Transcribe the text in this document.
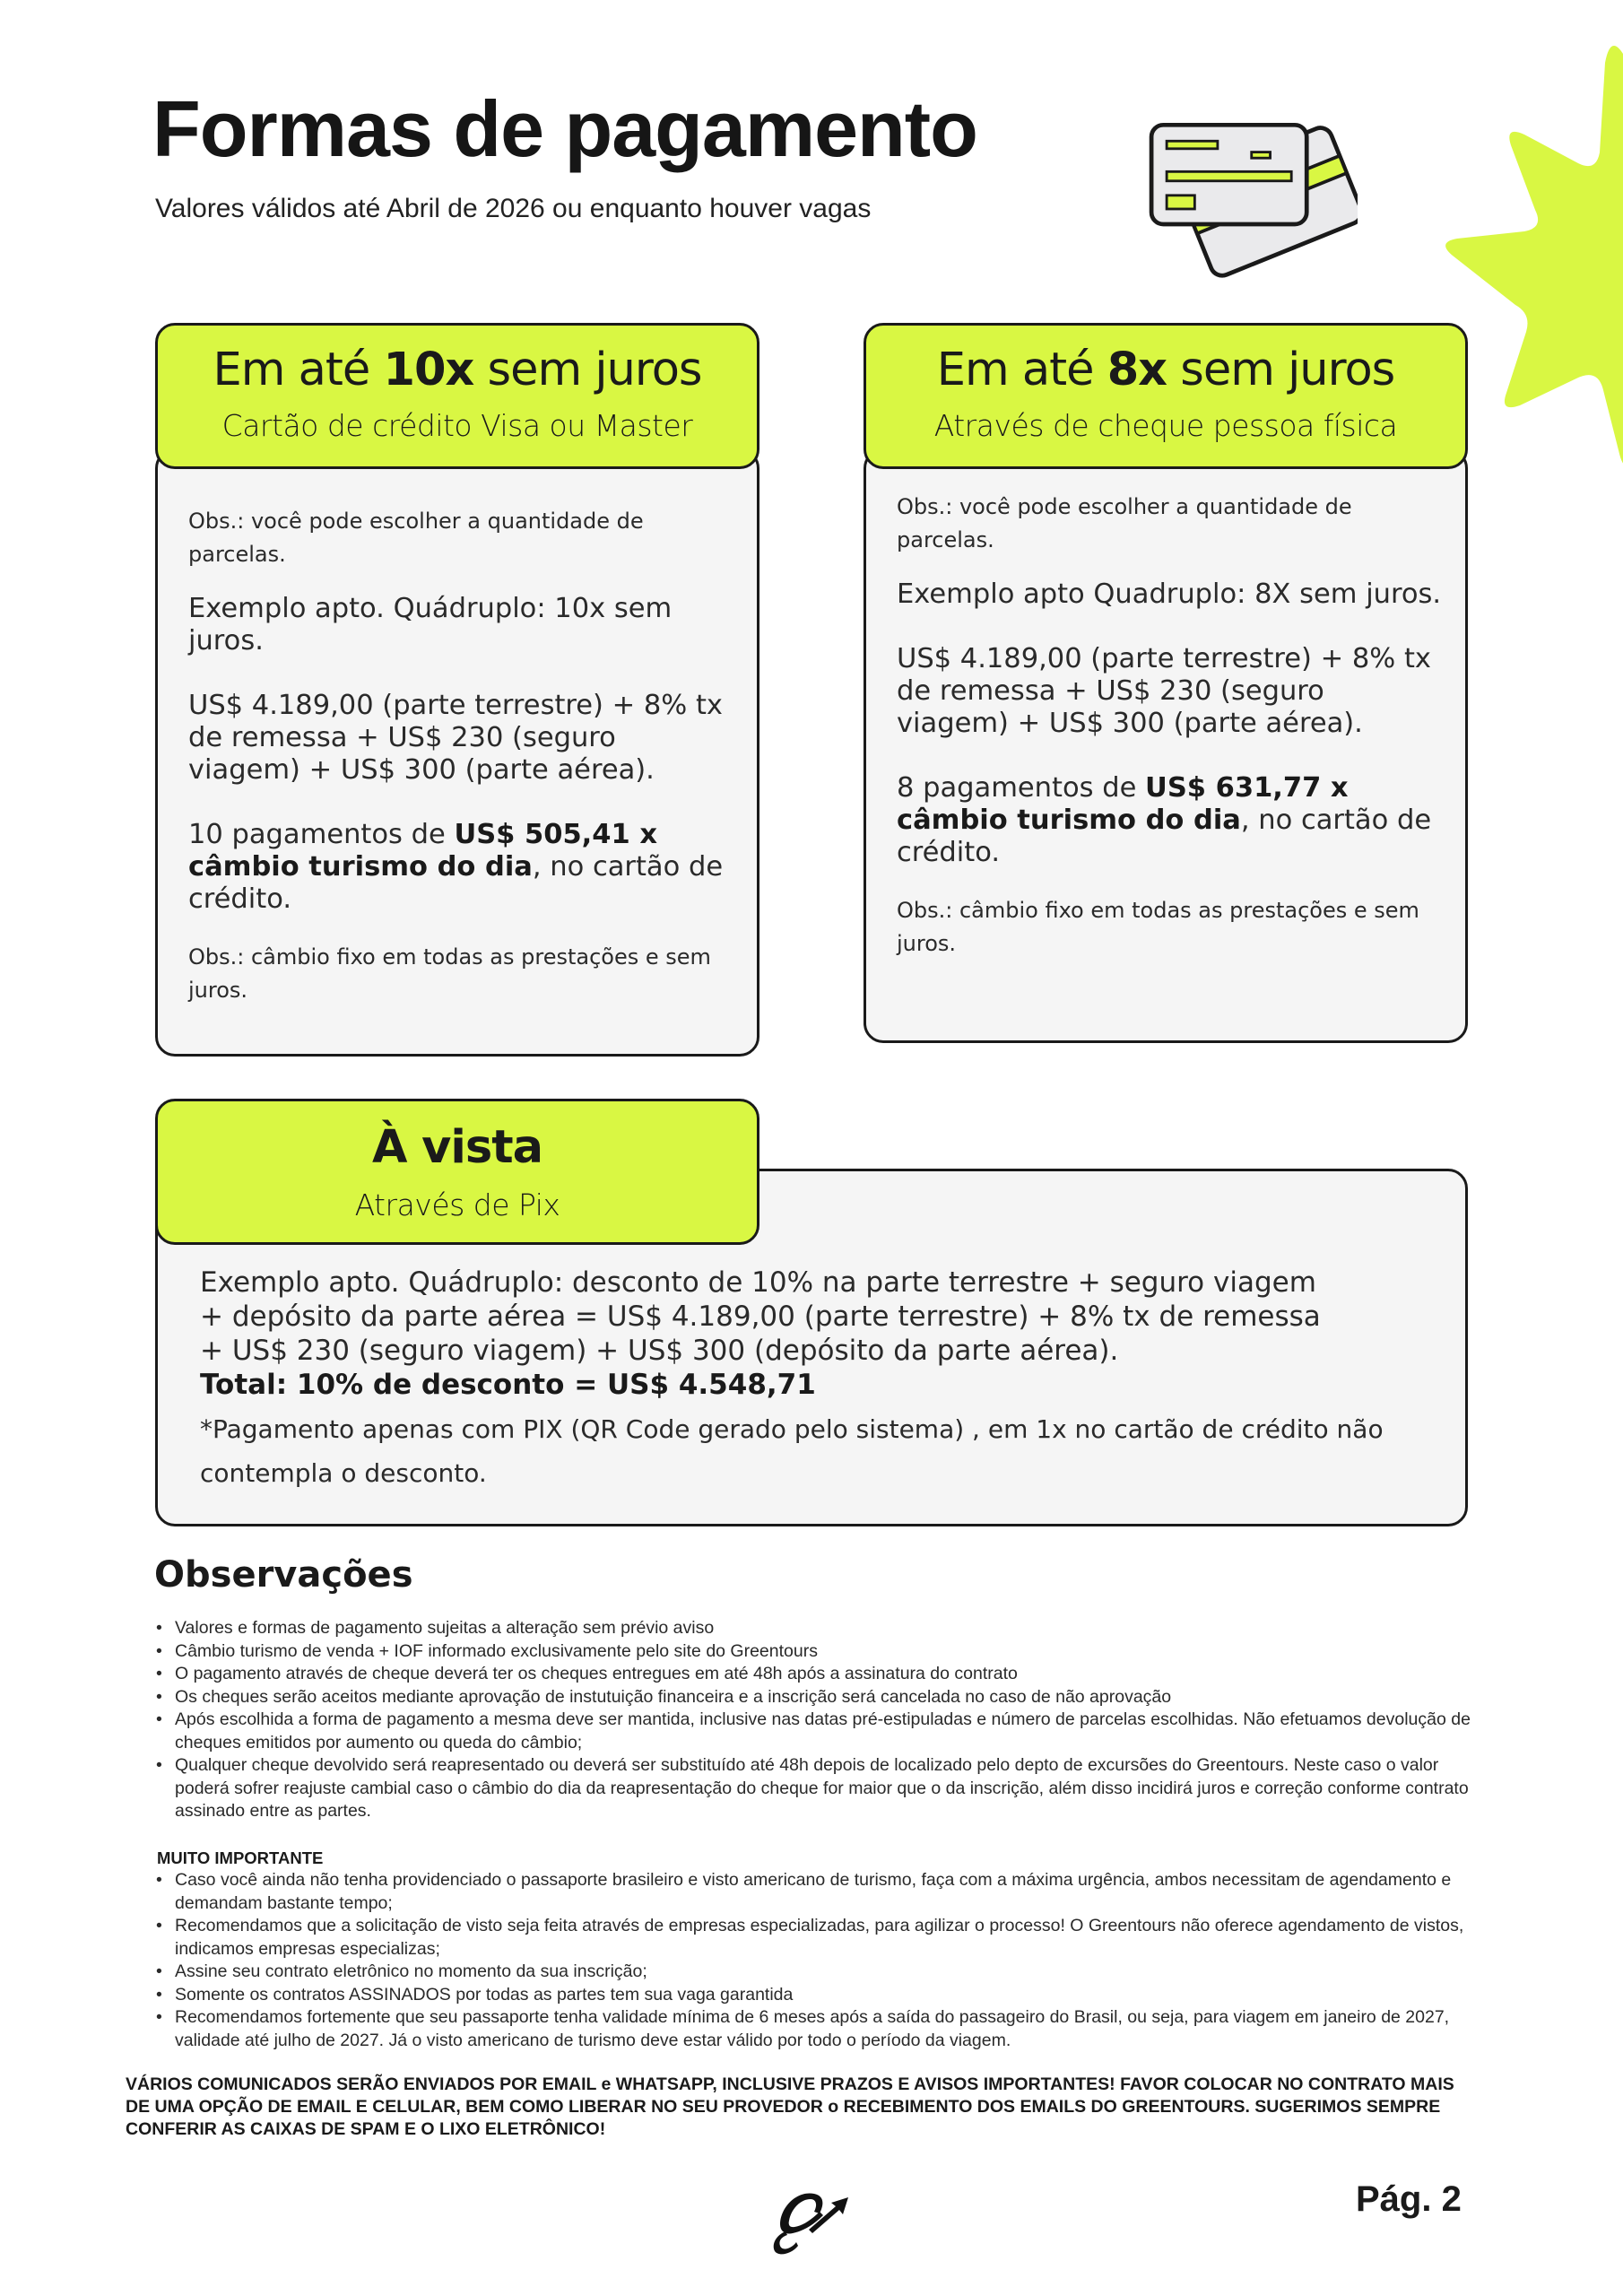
Formas de pagamento
Valores válidos até Abril de 2026 ou enquanto houver vagas

Obs.: você pode escolher a quantidade de parcelas.

Exemplo apto. Quádruplo: 10x sem juros.

US$ 4.189,00 (parte terrestre) + 8% tx de remessa + US$ 230 (seguro viagem) + US$ 300 (parte aérea).

10 pagamentos de US$ 505,41 x câmbio turismo do dia, no cartão de crédito.

Obs.: câmbio fixo em todas as prestações e sem juros.

Em até 10x sem juros
Cartão de crédito Visa ou Master

Obs.: você pode escolher a quantidade de parcelas.

Exemplo apto Quadruplo: 8X sem juros.

US$ 4.189,00 (parte terrestre) + 8% tx de remessa + US$ 230 (seguro viagem) + US$ 300 (parte aérea).

8 pagamentos de US$ 631,77 x câmbio turismo do dia, no cartão de crédito.

Obs.: câmbio fixo em todas as prestações e sem juros.

Em até 8x sem juros
Através de cheque pessoa física
Exemplo apto. Quádruplo: desconto de 10% na parte terrestre + seguro viagem
+ depósito da parte aérea = US$ 4.189,00 (parte terrestre) + 8% tx de remessa
+ US$ 230 (seguro viagem) + US$ 300 (depósito da parte aérea).
Total: 10% de desconto = US$ 4.548,71
*Pagamento apenas com PIX (QR Code gerado pelo sistema) , em 1x no cartão de crédito não contempla o desconto.
À vista
Através de Pix
Observações
• Valores e formas de pagamento sujeitas a alteração sem prévio aviso
• Câmbio turismo de venda + IOF informado exclusivamente pelo site do Greentours
• O pagamento através de cheque deverá ter os cheques entregues em até 48h após a assinatura do contrato
• Os cheques serão aceitos mediante aprovação de instutuição financeira e a inscrição será cancelada no caso de não aprovação
• Após escolhida a forma de pagamento a mesma deve ser mantida, inclusive nas datas pré-estipuladas e número de parcelas escolhidas. Não efetuamos devolução de cheques emitidos por aumento ou queda do câmbio;
• Qualquer cheque devolvido será reapresentado ou deverá ser substituído até 48h depois de localizado pelo depto de excursões do Greentours. Neste caso o valor poderá sofrer reajuste cambial caso o câmbio do dia da reapresentação do cheque for maior que o da inscrição, além disso incidirá juros e correção conforme contrato assinado entre as partes.
MUITO IMPORTANTE
• Caso você ainda não tenha providenciado o passaporte brasileiro e visto americano de turismo, faça com a máxima urgência, ambos necessitam de agendamento e demandam bastante tempo;
• Recomendamos que a solicitação de visto seja feita através de empresas especializadas, para agilizar o processo! O Greentours não oferece agendamento de vistos, indicamos empresas especializas;
• Assine seu contrato eletrônico no momento da sua inscrição;
• Somente os contratos ASSINADOS por todas as partes tem sua vaga garantida
• Recomendamos fortemente que seu passaporte tenha validade mínima de 6 meses após a saída do passageiro do Brasil, ou seja, para viagem em janeiro de 2027, validade até julho de 2027. Já o visto americano de turismo deve estar válido por todo o período da viagem.
VÁRIOS COMUNICADOS SERÃO ENVIADOS POR EMAIL e WHATSAPP, INCLUSIVE PRAZOS E AVISOS IMPORTANTES! FAVOR COLOCAR NO CONTRATO MAIS DE UMA OPÇÃO DE EMAIL E CELULAR, BEM COMO LIBERAR NO SEU PROVEDOR o RECEBIMENTO DOS EMAILS DO GREENTOURS. SUGERIMOS SEMPRE CONFERIR AS CAIXAS DE SPAM E O LIXO ELETRÔNICO!
Pág. 2
